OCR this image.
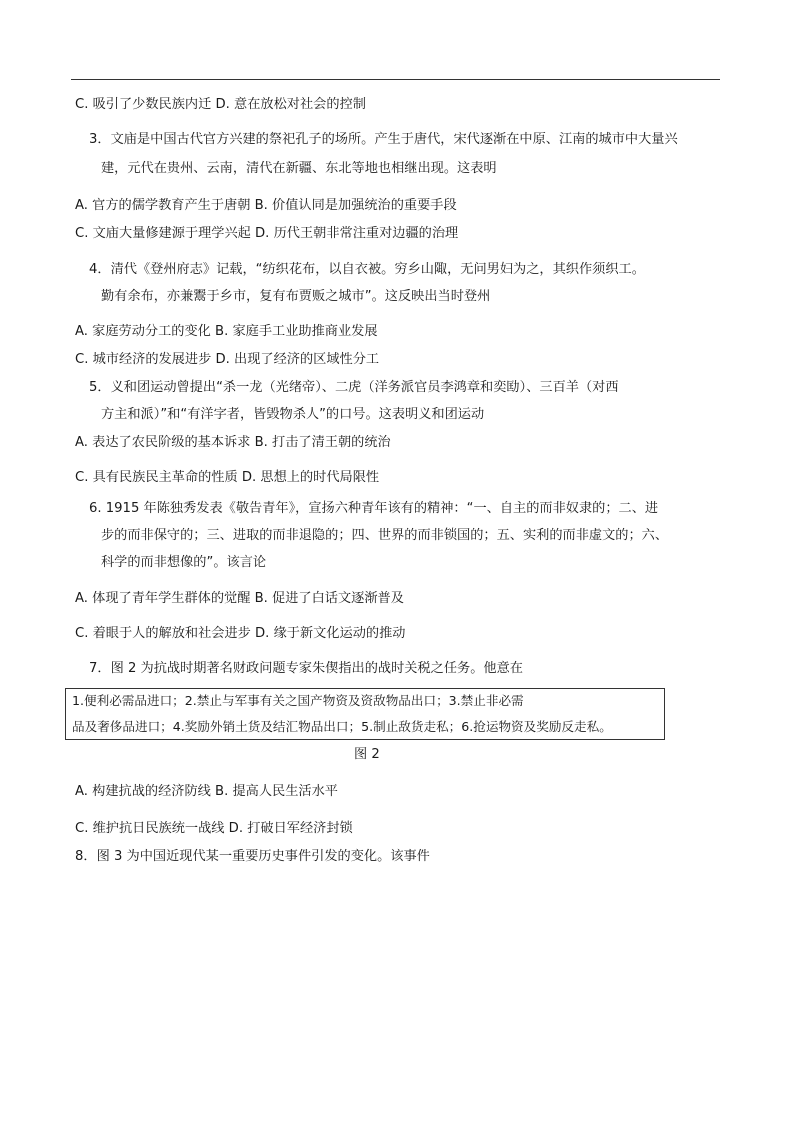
C. 吸引了少数民族内迁 D. 意在放松对社会的控制
3．文庙是中国古代官方兴建的祭祀孔子的场所。产生于唐代，宋代逐渐在中原、江南的城市中大量兴
建，元代在贵州、云南，清代在新疆、东北等地也相继出现。这表明
A. 官方的儒学教育产生于唐朝 B. 价值认同是加强统治的重要手段
C. 文庙大量修建源于理学兴起 D. 历代王朝非常注重对边疆的治理
4．清代《登州府志》记载，“纺织花布，以自衣被。穷乡山陬，无问男妇为之，其织作须织工。
勤有余布，亦兼鬻于乡市，复有布贾贩之城市”。这反映出当时登州
A. 家庭劳动分工的变化 B. 家庭手工业助推商业发展
C. 城市经济的发展进步 D. 出现了经济的区域性分工
5．义和团运动曾提出“杀一龙（光绪帝）、二虎（洋务派官员李鸿章和奕劻）、三百羊（对西
方主和派）”和“有洋字者，皆毁物杀人”的口号。这表明义和团运动
A. 表达了农民阶级的基本诉求 B. 打击了清王朝的统治
C. 具有民族民主革命的性质 D. 思想上的时代局限性
6. 1915 年陈独秀发表《敬告青年》，宣扬六种青年该有的精神：“一、自主的而非奴隶的；二、进
步的而非保守的；三、进取的而非退隐的；四、世界的而非锁国的；五、实利的而非虚文的；六、
科学的而非想像的”。该言论
A. 体现了青年学生群体的觉醒 B. 促进了白话文逐渐普及
C. 着眼于人的解放和社会进步 D. 缘于新文化运动的推动
7．图 2 为抗战时期著名财政问题专家朱偰指出的战时关税之任务。他意在
1.便利必需品进口；2.禁止与军事有关之国产物资及资敌物品出口；3.禁止非必需
品及奢侈品进口；4.奖励外销土货及结汇物品出口；5.制止敌货走私；6.抢运物资及奖励反走私。
图 2
A. 构建抗战的经济防线 B. 提高人民生活水平
C. 维护抗日民族统一战线 D. 打破日军经济封锁
8．图 3 为中国近现代某一重要历史事件引发的变化。该事件
